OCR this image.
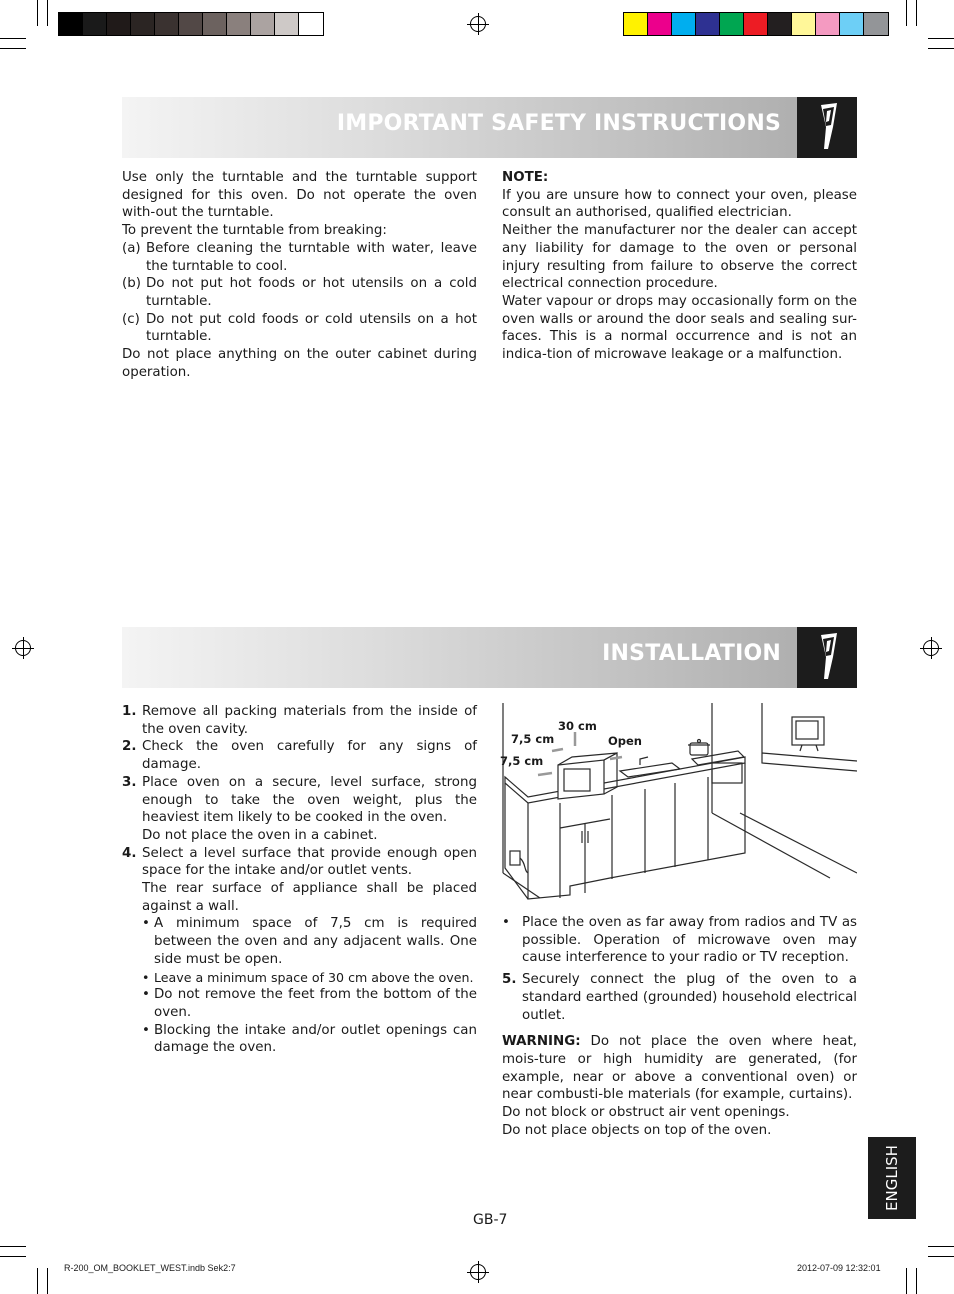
IMPORTANT SAFETY INSTRUCTIONS

Use only the turntable and the turntable support designed for this oven. Do not operate the oven with-out the turntable.

To prevent the turntable from breaking:

(a) Before cleaning the turntable with water, leave the turntable to cool.
(b) Do not put hot foods or hot utensils on a cold turntable.
(c) Do not put cold foods or cold utensils on a hot turntable.

Do not place anything on the outer cabinet during operation.

NOTE:

If you are unsure how to connect your oven, please consult an authorised, qualified electrician.

Neither the manufacturer nor the dealer can accept any liability for damage to the oven or personal injury resulting from failure to observe the correct electrical connection procedure.

Water vapour or drops may occasionally form on the oven walls or around the door seals and sealing sur-faces. This is a normal occurrence and is not an indica-tion of microwave leakage or a malfunction.

INSTALLATION
1. Remove all packing materials from the inside of the oven cavity.
2. Check the oven carefully for any signs of damage.
3. Place oven on a secure, level surface, strong enough to take the oven weight, plus the heaviest item likely to be cooked in the oven.
Do not place the oven in a cabinet.
4. Select a level surface that provide enough open space for the intake and/or outlet vents.
The rear surface of appliance shall be placed against a wall.
• A minimum space of 7,5 cm is required between the oven and any adjacent walls. One side must be open.
• Leave a minimum space of 30 cm above the oven.
• Do not remove the feet from the bottom of the oven.
• Blocking the intake and/or outlet openings can damage the oven.
30 cm
7,5 cm
7,5 cm
Open
• Place the oven as far away from radios and TV as possible. Operation of microwave oven may cause interference to your radio or TV reception.
5. Securely connect the plug of the oven to a standard earthed (grounded) household electrical outlet.

WARNING: Do not place the oven where heat, mois-ture or high humidity are generated, (for example, near or above a conventional oven) or near combusti-ble materials (for example, curtains).

Do not block or obstruct air vent openings.

Do not place objects on top of the oven.

ENGLISH
GB-7
R-200_OM_BOOKLET_WEST.indb Sek2:7	2012-07-09 12:32:01
